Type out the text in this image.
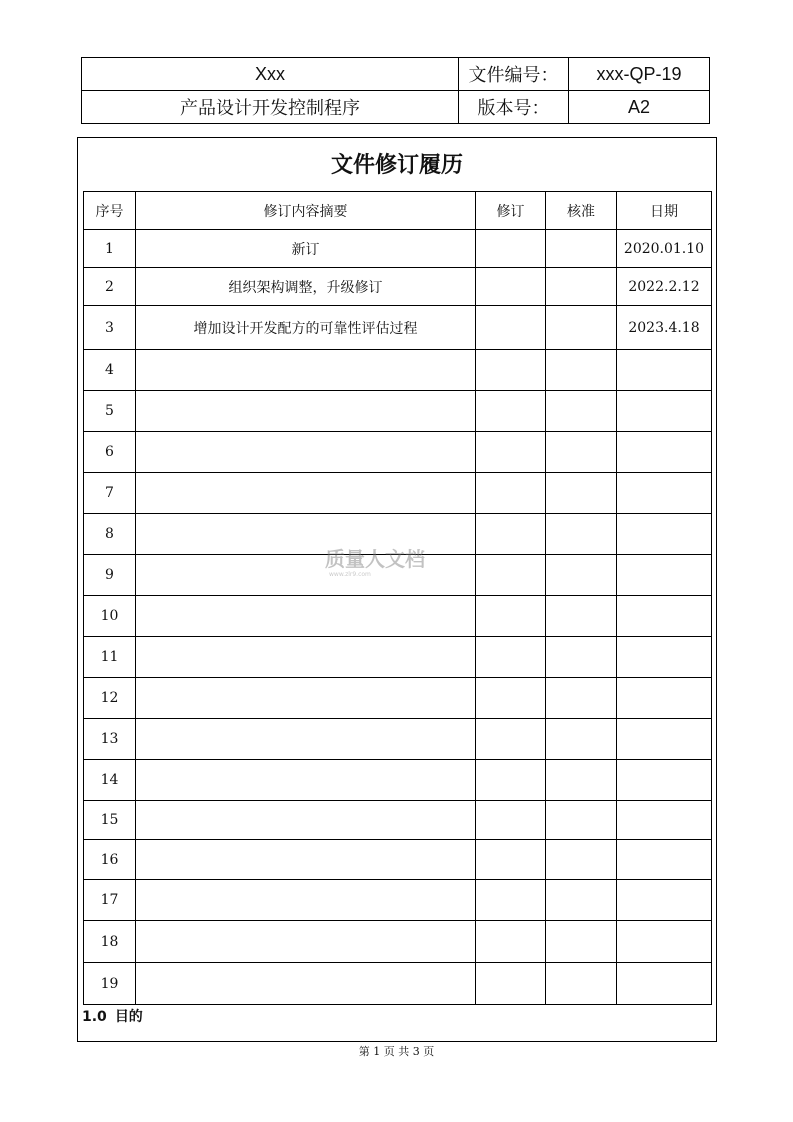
Xxx	文件编号：	xxx-QP-19
产品设计开发控制程序	版本号：	A2
文件修订履历
序号	修订内容摘要	修订	核准	日期
1	新订			2020.01.10
2	组织架构调整，升级修订			2022.2.12
3	增加设计开发配方的可靠性评估过程			2023.4.18
4				
5				
6				
7				
8				
9				
10				
11				
12				
13				
14				
15				
16				
17				
18				
19				
1.0 目的
质量人文档
www.zlr9.com
第 1 页 共 3 页
